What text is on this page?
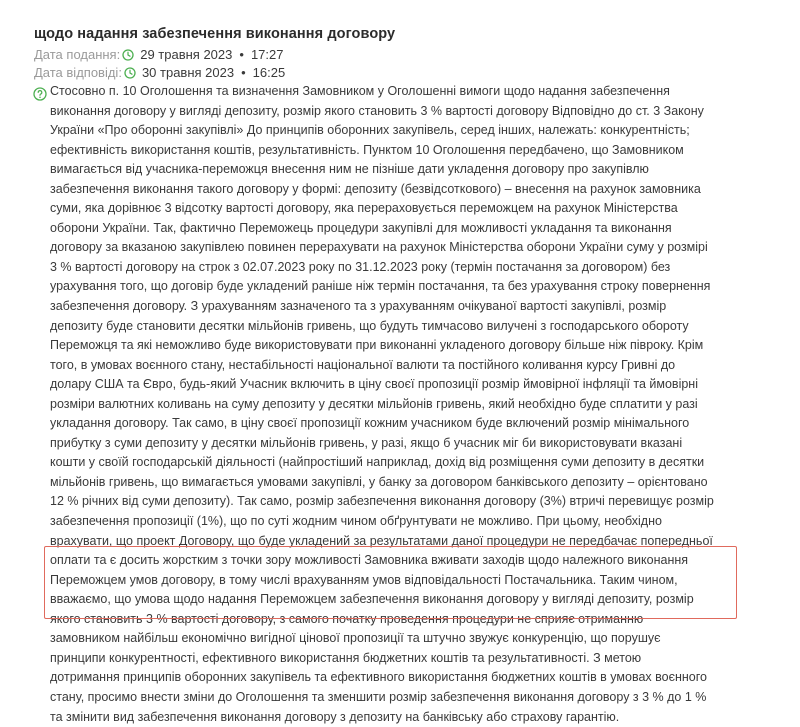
щодо надання забезпечення виконання договору
Дата подання: 29 травня 2023 • 17:27
Дата відповіді: 30 травня 2023 • 16:25
Стосовно п. 10 Оголошення та визначення Замовником у Оголошенні вимоги щодо надання забезпечення
виконання договору у вигляді депозиту, розмір якого становить 3 % вартості договору Відповідно до ст. 3 Закону
України «Про оборонні закупівлі» До принципів оборонних закупівель, серед інших, належать: конкурентність;
ефективність використання коштів, результативність. Пунктом 10 Оголошення передбачено, що Замовником
вимагається від учасника-переможця внесення ним не пізніше дати укладення договору про закупівлю
забезпечення виконання такого договору у формі: депозиту (безвідсоткового) – внесення на рахунок замовника
суми, яка дорівнює 3 відсотку вартості договору, яка перераховується переможцем на рахунок Міністерства
оборони України. Так, фактично Переможець процедури закупівлі для можливості укладання та виконання
договору за вказаною закупівлею повинен перерахувати на рахунок Міністерства оборони України суму у розмірі
3 % вартості договору на строк з 02.07.2023 року по 31.12.2023 року (термін постачання за договором) без
урахування того, що договір буде укладений раніше ніж термін постачання, та без урахування строку повернення
забезпечення договору. З урахуванням зазначеного та з урахуванням очікуваної вартості закупівлі, розмір
депозиту буде становити десятки мільйонів гривень, що будуть тимчасово вилучені з господарського обороту
Переможця та які неможливо буде використовувати при виконанні укладеного договору більше ніж півроку. Крім
того, в умовах воєнного стану, нестабільності національної валюти та постійного коливання курсу Гривні до
долару США та Євро, будь-який Учасник включить в ціну своєї пропозиції розмір ймовірної інфляції та ймовірні
розміри валютних коливань на суму депозиту у десятки мільйонів гривень, який необхідно буде сплатити у разі
укладання договору. Так само, в ціну своєї пропозиції кожним учасником буде включений розмір мінімального
прибутку з суми депозиту у десятки мільйонів гривень, у разі, якщо б учасник міг би використовувати вказані
кошти у своїй господарській діяльності (найпростіший наприклад, дохід від розміщення суми депозиту в десятки
мільйонів гривень, що вимагається умовами закупівлі, у банку за договором банківського депозиту – орієнтовано
12 % річних від суми депозиту). Так само, розмір забезпечення виконання договору (3%) втричі перевищує розмір
забезпечення пропозиції (1%), що по суті жодним чином обґрунтувати не можливо. При цьому, необхідно
врахувати, що проект Договору, що буде укладений за результатами даної процедури не передбачає попередньої
оплати та є досить жорстким з точки зору можливості Замовника вживати заходів щодо належного виконання
Переможцем умов договору, в тому числі врахуванням умов відповідальності Постачальника. Таким чином,
вважаємо, що умова щодо надання Переможцем забезпечення виконання договору у вигляді депозиту, розмір
якого становить 3 % вартості договору, з самого початку проведення процедури не сприяє отриманню
замовником найбільш економічно вигідної цінової пропозиції та штучно звужує конкуренцію, що порушує
принципи конкурентності, ефективного використання бюджетних коштів та результативності. З метою
дотримання принципів оборонних закупівель та ефективного використання бюджетних коштів в умовах воєнного
стану, просимо внести зміни до Оголошення та зменшити розмір забезпечення виконання договору з 3 % до 1 %
та змінити вид забезпечення виконання договору з депозиту на банківську або страхову гарантію.
